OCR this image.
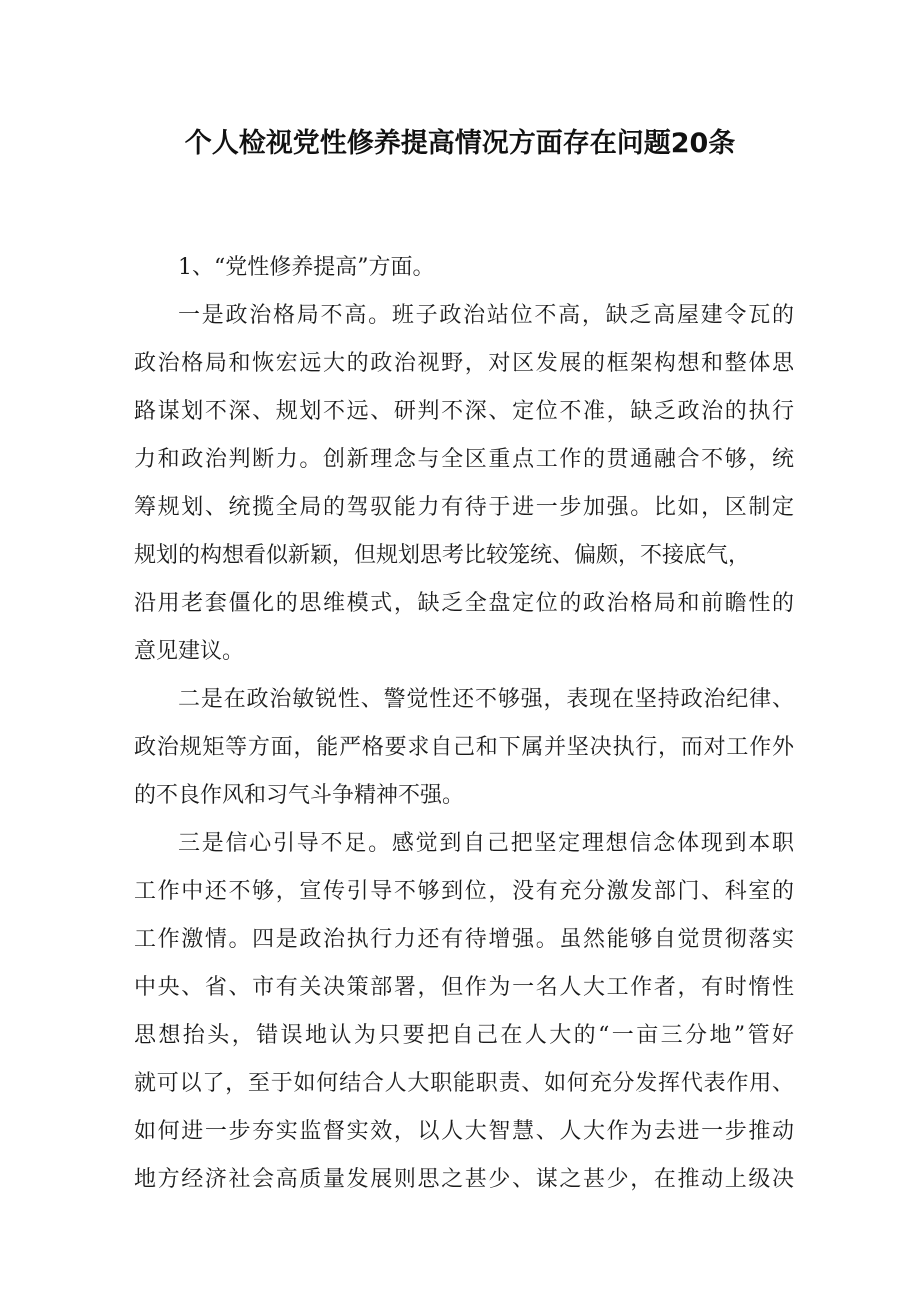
个人检视党性修养提高情况方面存在问题20条
1、“党性修养提高”方面。
一是政治格局不高。班子政治站位不高，缺乏高屋建令瓦的
政治格局和恢宏远大的政治视野，对区发展的框架构想和整体思
路谋划不深、规划不远、研判不深、定位不准，缺乏政治的执行
力和政治判断力。创新理念与全区重点工作的贯通融合不够，统
筹规划、统揽全局的驾驭能力有待于进一步加强。比如，区制定
规划的构想看似新颖，但规划思考比较笼统、偏颇，不接底气，
沿用老套僵化的思维模式，缺乏全盘定位的政治格局和前瞻性的
意见建议。
二是在政治敏锐性、警觉性还不够强，表现在坚持政治纪律、
政治规矩等方面，能严格要求自己和下属并坚决执行，而对工作外
的不良作风和习气斗争精神不强。
三是信心引导不足。感觉到自己把坚定理想信念体现到本职
工作中还不够，宣传引导不够到位，没有充分激发部门、科室的
工作激情。四是政治执行力还有待增强。虽然能够自觉贯彻落实
中央、省、市有关决策部署，但作为一名人大工作者，有时惰性
思想抬头，错误地认为只要把自己在人大的“一亩三分地”管好
就可以了，至于如何结合人大职能职责、如何充分发挥代表作用、
如何进一步夯实监督实效，以人大智慧、人大作为去进一步推动
地方经济社会高质量发展则思之甚少、谋之甚少，在推动上级决
